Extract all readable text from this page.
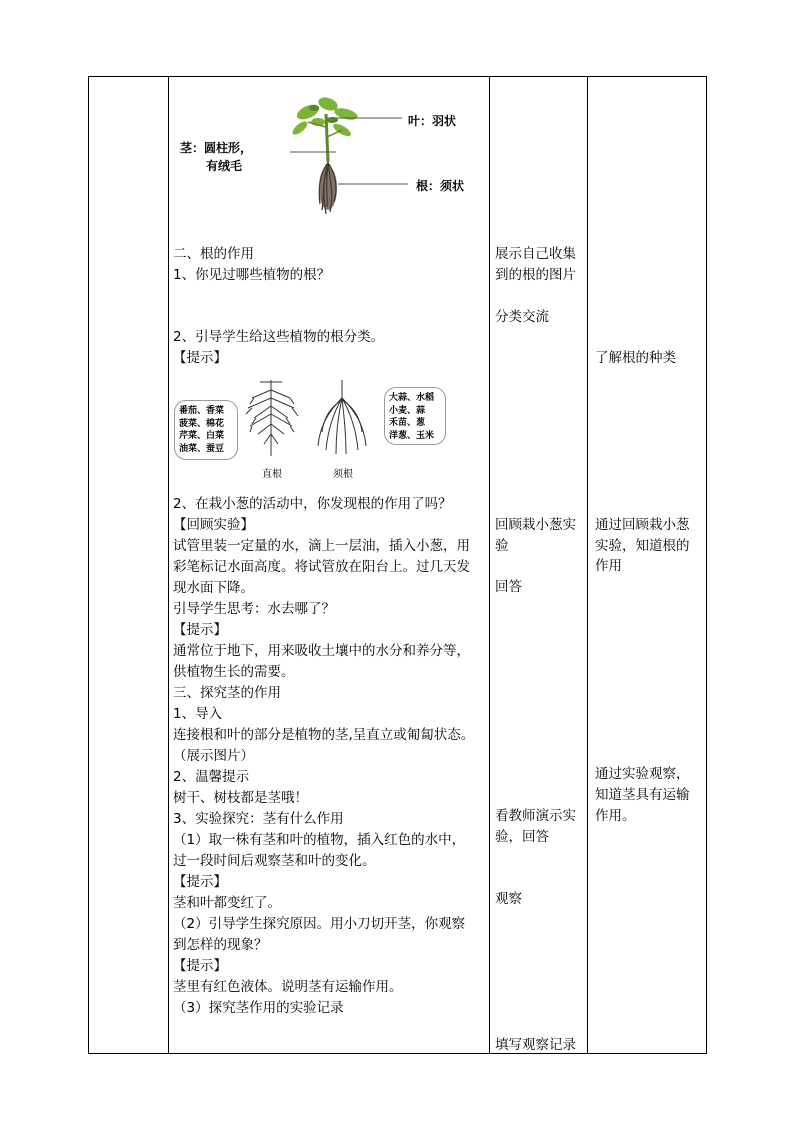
叶：羽状
茎：圆柱形，
有绒毛
根：须状
二、根的作用
1、你见过哪些植物的根？
2、引导学生给这些植物的根分类。
【提示】
番茄、香菜
菠菜、棉花
芹菜、白菜
油菜、蚕豆
大蒜、水稻
小麦、蒜
禾苗、葱
洋葱、玉米
直根	须根
2、在栽小葱的活动中，你发现根的作用了吗？
【回顾实验】
试管里装一定量的水，滴上一层油，插入小葱，用
彩笔标记水面高度。将试管放在阳台上。过几天发
现水面下降。
引导学生思考：水去哪了？
【提示】
通常位于地下，用来吸收土壤中的水分和养分等，
供植物生长的需要。
三、探究茎的作用
1、导入
连接根和叶的部分是植物的茎,呈直立或匍匐状态。
（展示图片）
2、温馨提示
树干、树枝都是茎哦！
3、实验探究：茎有什么作用
（1）取一株有茎和叶的植物，插入红色的水中，
过一段时间后观察茎和叶的变化。
【提示】
茎和叶都变红了。
（2）引导学生探究原因。用小刀切开茎，你观察
到怎样的现象？
【提示】
茎里有红色液体。说明茎有运输作用。
（3）探究茎作用的实验记录
展示自己收集
到的根的图片
分类交流
回顾栽小葱实
验
回答
看教师演示实
验，回答
观察
填写观察记录
了解根的种类
通过回顾栽小葱
实验，知道根的
作用
通过实验观察，
知道茎具有运输
作用。
